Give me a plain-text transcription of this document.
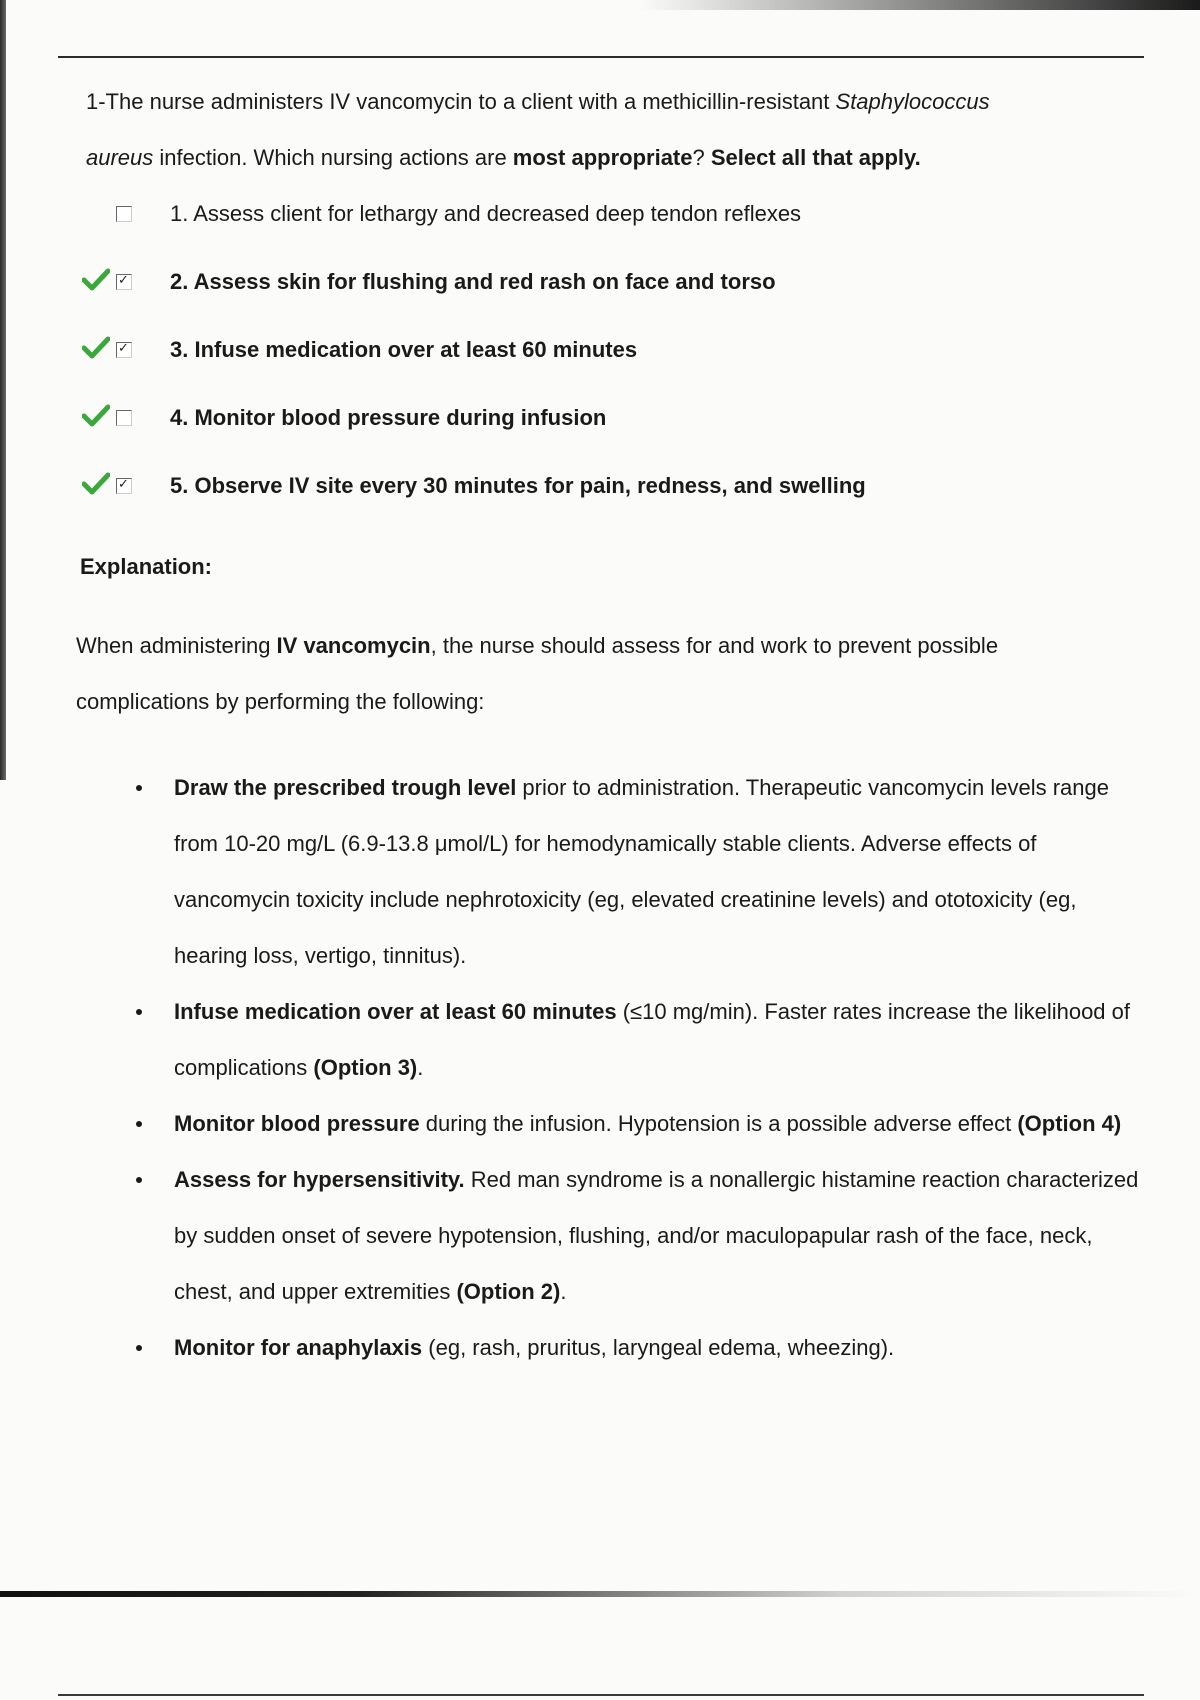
1-The nurse administers IV vancomycin to a client with a methicillin-resistant Staphylococcus
aureus infection. Which nursing actions are most appropriate? Select all that apply.
1. Assess client for lethargy and decreased deep tendon reflexes
✓ 2. Assess skin for flushing and red rash on face and torso
✓ 3. Infuse medication over at least 60 minutes
4. Monitor blood pressure during infusion
✓ 5. Observe IV site every 30 minutes for pain, redness, and swelling
Explanation:
When administering IV vancomycin, the nurse should assess for and work to prevent possible complications by performing the following:
Draw the prescribed trough level prior to administration. Therapeutic vancomycin levels range from 10-20 mg/L (6.9-13.8 μmol/L) for hemodynamically stable clients. Adverse effects of vancomycin toxicity include nephrotoxicity (eg, elevated creatinine levels) and ototoxicity (eg, hearing loss, vertigo, tinnitus).
Infuse medication over at least 60 minutes (≤10 mg/min). Faster rates increase the likelihood of complications (Option 3).
Monitor blood pressure during the infusion. Hypotension is a possible adverse effect (Option 4)
Assess for hypersensitivity. Red man syndrome is a nonallergic histamine reaction characterized by sudden onset of severe hypotension, flushing, and/or maculopapular rash of the face, neck, chest, and upper extremities (Option 2).
Monitor for anaphylaxis (eg, rash, pruritus, laryngeal edema, wheezing).
